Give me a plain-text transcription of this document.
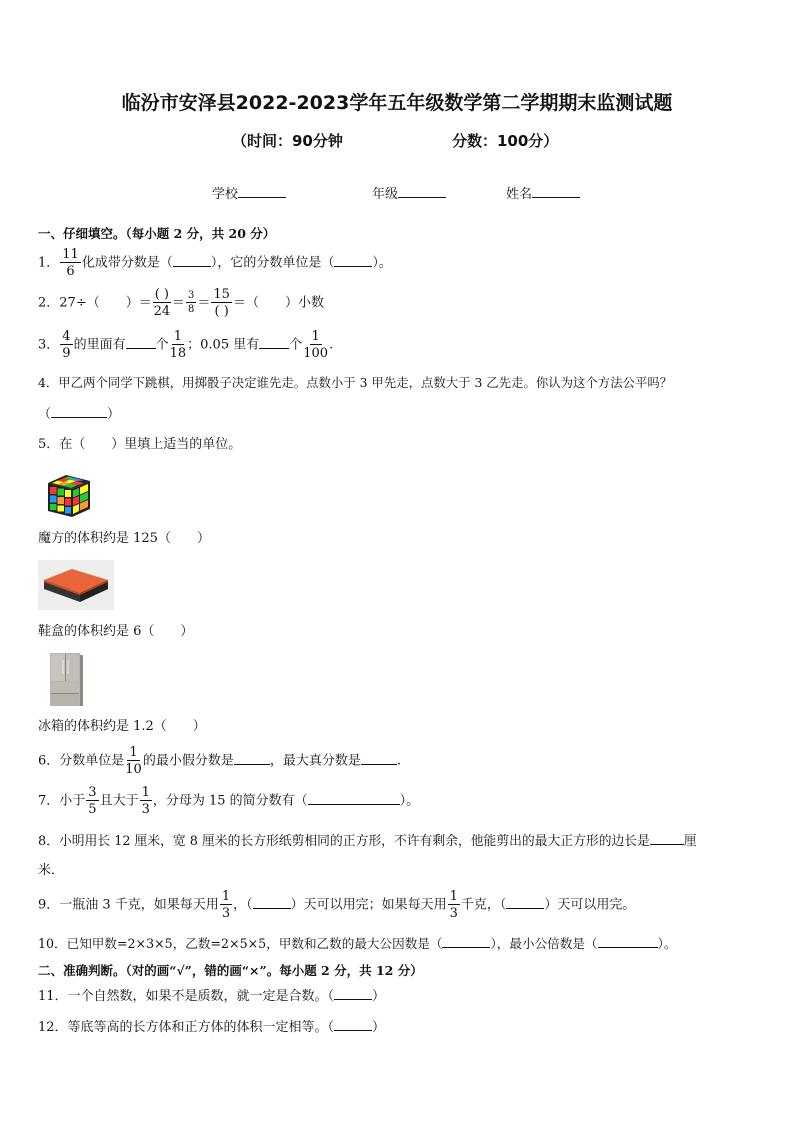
临汾市安泽县2022-2023学年五年级数学第二学期期末监测试题
（时间：90分钟	分数：100分）
学校	年级	姓名
一、仔细填空。（每小题 2 分，共 20 分）
1． $\frac{11}{6}$ 化成带分数是（	），它的分数单位是（	）。
2．27÷（　　）＝ $\frac{( )}{24} = \frac{3}{8} = \frac{15}{( )}$ ＝（　　）小数
3． $\frac{4}{9}$ 的里面有 个 $\frac{1}{18}$ ；0.05 里有 个 $\frac{1}{100}$ .
4．甲乙两个同学下跳棋，用掷骰子决定谁先走。点数小于 3 甲先走，点数大于 3 乙先走。你认为这个方法公平吗？
（	）
5．在（　　）里填上适当的单位。
魔方的体积约是 125（　　）
鞋盒的体积约是 6（　　）
冰箱的体积约是 1.2（　　）
6．分数单位是 $\frac{1}{10}$ 的最小假分数是	，最大真分数是	.
7．小于 $\frac{3}{5}$ 且大于 $\frac{1}{3}$ ，分母为 15 的简分数有（	）。
8．小明用长 12 厘米，宽 8 厘米的长方形纸剪相同的正方形，不许有剩余，他能剪出的最大正方形的边长是	厘
米．
9．一瓶油 3 千克，如果每天用 $\frac{1}{3}$ ，（	）天可以用完；如果每天用 $\frac{1}{3}$ 千克，（	）天可以用完。
10．已知甲数=2×3×5，乙数=2×5×5，甲数和乙数的最大公因数是（	），最小公倍数是（	）。
二、准确判断。（对的画“√”，错的画“×”。每小题 2 分，共 12 分）
11．一个自然数，如果不是质数，就一定是合数。（	）
12．等底等高的长方体和正方体的体积一定相等。（	）
